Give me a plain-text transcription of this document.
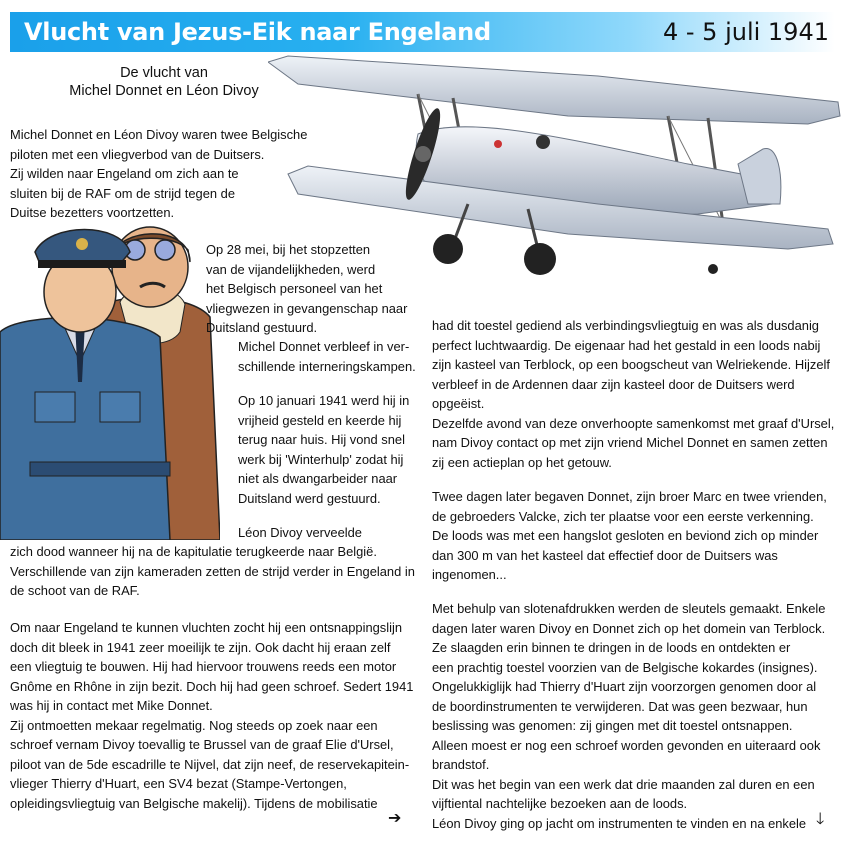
Vlucht van Jezus-Eik naar Engeland	4 - 5 juli 1941
De vlucht van
Michel Donnet en Léon Divoy
Michel Donnet en Léon Divoy waren twee Belgische
piloten met een vliegverbod van de Duitsers.
Zij wilden naar Engeland om zich aan te
sluiten bij de RAF om de strijd tegen de
Duitse bezetters voortzetten.
Op 28 mei, bij het stopzetten
van de vijandelijkheden, werd
het Belgisch personeel van het
vliegwezen in gevangenschap naar
Duitsland gestuurd.
Michel Donnet verbleef in ver-
schillende interneringskampen.
Op 10 januari 1941 werd hij in
vrijheid gesteld en keerde hij
terug naar huis. Hij vond snel
werk bij 'Winterhulp' zodat hij
niet als dwangarbeider naar
Duitsland werd gestuurd.
Léon Divoy verveelde
zich dood wanneer hij na de kapitulatie terugkeerde naar België.
Verschillende van zijn kameraden zetten de strijd verder in Engeland in
de schoot van de RAF.
Om naar Engeland te kunnen vluchten zocht hij een ontsnappingslijn
doch dit bleek in 1941 zeer moeilijk te zijn. Ook dacht hij eraan zelf
een vliegtuig te bouwen. Hij had hiervoor trouwens reeds een motor
Gnôme en Rhône in zijn bezit. Doch hij had geen schroef. Sedert 1941
was hij in contact met Mike Donnet.
Zij ontmoetten mekaar regelmatig. Nog steeds op zoek naar een
schroef vernam Divoy toevallig te Brussel van de graaf Elie d'Ursel,
piloot van de 5de escadrille te Nijvel, dat zijn neef, de reservekapitein-
vlieger Thierry d'Huart, een SV4 bezat (Stampe-Vertongen,
opleidingsvliegtuig van Belgische makelij). Tijdens de mobilisatie
➔
had dit toestel gediend als verbindingsvliegtuig en was als dusdanig
perfect luchtwaardig. De eigenaar had het gestald in een loods nabij
zijn kasteel van Terblock, op een boogscheut van Welriekende. Hijzelf
verbleef in de Ardennen daar zijn kasteel door de Duitsers werd
opgeëist.
Dezelfde avond van deze onverhoopte samenkomst met graaf d'Ursel,
nam Divoy contact op met zijn vriend Michel Donnet en samen zetten
zij een actieplan op het getouw.
Twee dagen later begaven Donnet, zijn broer Marc en twee vrienden,
de gebroeders Valcke, zich ter plaatse voor een eerste verkenning.
De loods was met een hangslot gesloten en beviond zich op minder
dan 300 m van het kasteel dat effectief door de Duitsers was
ingenomen...
Met behulp van slotenafdrukken werden de sleutels gemaakt. Enkele
dagen later waren Divoy en Donnet zich op het domein van Terblock.
Ze slaagden erin binnen te dringen in de loods en ontdekten er
een prachtig toestel voorzien van de Belgische kokardes (insignes).
Ongelukkiglijk had Thierry d'Huart zijn voorzorgen genomen door al
de boordinstrumenten te verwijderen. Dat was geen bezwaar, hun
beslissing was genomen: zij gingen met dit toestel ontsnappen.
Alleen moest er nog een schroef worden gevonden en uiteraard ook
brandstof.
Dit was het begin van een werk dat drie maanden zal duren en een
vijftiental nachtelijke bezoeken aan de loods.
Léon Divoy ging op jacht om instrumenten te vinden en na enkele 🡓
